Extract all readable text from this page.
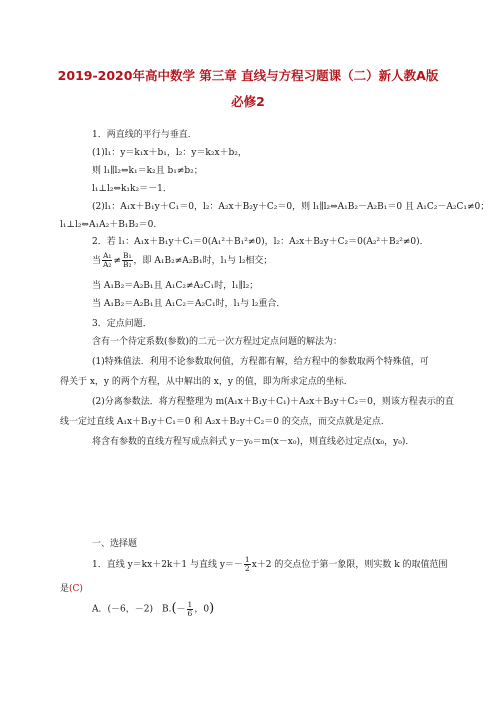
2019-2020年高中数学 第三章 直线与方程习题课（二）新人教A版
必修2
1．两直线的平行与垂直．
(1)l₁：y＝k₁x＋b₁，l₂：y＝k₂x＋b₂，
则 l₁∥l₂⇔k₁＝k₂且 b₁≠b₂；
l₁⊥l₂⇔k₁k₂＝－1．
(2)l₁：A₁x＋B₁y＋C₁＝0，l₂：A₂x＋B₂y＋C₂＝0，则 l₁∥l₂⇔A₁B₂－A₂B₁＝0 且 A₁C₂－A₂C₁≠0；
l₁⊥l₂⇔A₁A₂＋B₁B₂＝0.
2．若 l₁：A₁x＋B₁y＋C₁＝0(A₁²＋B₁²≠0)，l₂：A₂x＋B₂y＋C₂＝0(A₂²＋B₂²≠0)．
当 $\frac{\text{A₁}}{\text{A₂}} \ne \frac{\text{B₁}}{\text{B₂}}$ ，即 A₁B₂≠A₂B₁时，l₁与 l₂相交；
当 A₁B₂＝A₂B₁且 A₁C₂≠A₂C₁时，l₁∥l₂；
当 A₁B₂＝A₂B₁且 A₁C₂＝A₂C₁时，l₁与 l₂重合．
3．定点问题．
含有一个待定系数(参数)的二元一次方程过定点问题的解法为：
(1)特殊值法．利用不论参数取何值，方程都有解，给方程中的参数取两个特殊值，可
得关于 x，y 的两个方程，从中解出的 x，y 的值，即为所求定点的坐标．
(2)分离参数法．将方程整理为 m(A₁x＋B₁y＋C₁)＋A₂x＋B₂y＋C₂＝0，则该方程表示的直
线一定过直线 A₁x＋B₁y＋C₁＝0 和 A₂x＋B₂y＋C₂＝0 的交点，而交点就是定点．
将含有参数的直线方程写成点斜式 y－y₀＝m(x－x₀)，则直线必过定点(x₀，y₀)．
一、选择题
1．直线 y＝kx＋2k＋1 与直线 $y=- \frac{1}{2} x+2$ 的交点位于第一象限，则实数 k 的取值范围
是(C)
A．(－6，－2)　$B.(- \frac{1}{6}$ ，0)
